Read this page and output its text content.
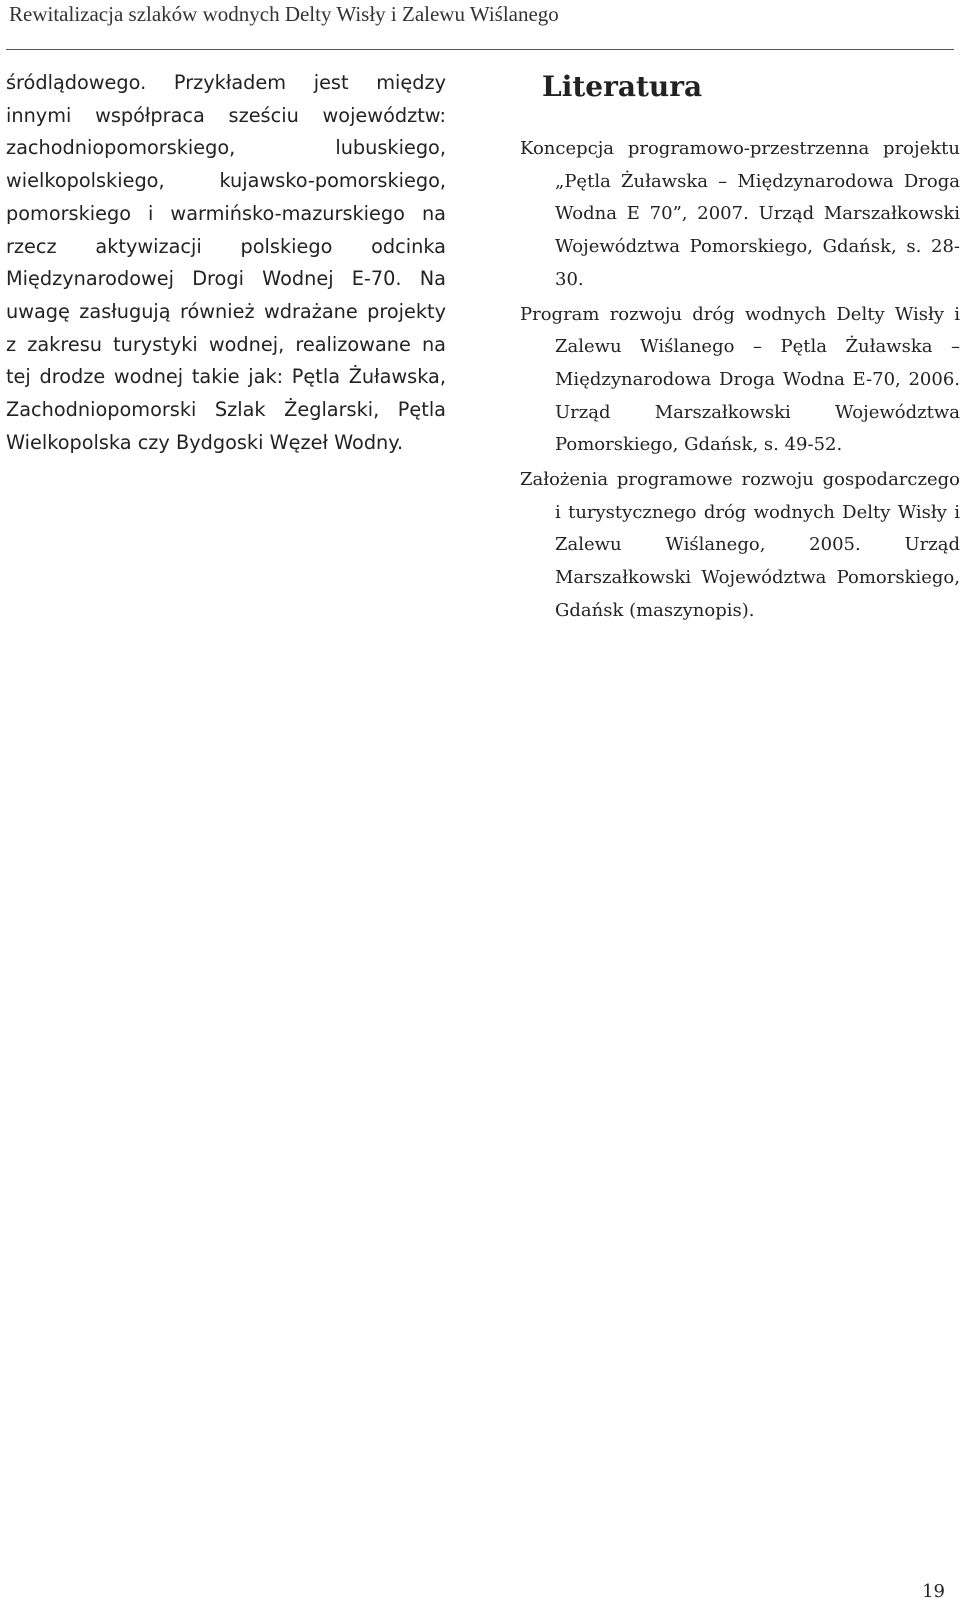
Rewitalizacja szlaków wodnych Delty Wisły i Zalewu Wiślanego

śródlądowego. Przykładem jest między innymi współpraca sześciu województw: zachodniopomorskiego, lubuskiego, wielkopolskiego, kujawsko-pomorskiego, pomorskiego i warmińsko-mazurskiego na rzecz aktywizacji polskiego odcinka Międzynarodowej Drogi Wodnej E-70. Na uwagę zasługują również wdrażane projekty z zakresu turystyki wodnej, realizowane na tej drodze wodnej takie jak: Pętla Żuławska, Zachodniopomorski Szlak Żeglarski, Pętla Wielkopolska czy Bydgoski Węzeł Wodny.

Literatura
Koncepcja programowo-przestrzenna projektu „Pętla Żuławska – Międzynarodowa Droga Wodna E 70”, 2007. Urząd Marszałkowski Województwa Pomorskiego, Gdańsk, s. 28-30.
Program rozwoju dróg wodnych Delty Wisły i Zalewu Wiślanego – Pętla Żuławska – Międzynarodowa Droga Wodna E-70, 2006. Urząd Marszałkowski Województwa Pomorskiego, Gdańsk, s. 49-52.
Założenia programowe rozwoju gospodarczego i turystycznego dróg wodnych Delty Wisły i Zalewu Wiślanego, 2005. Urząd Marszałkowski Województwa Pomorskiego, Gdańsk (maszynopis).
19
